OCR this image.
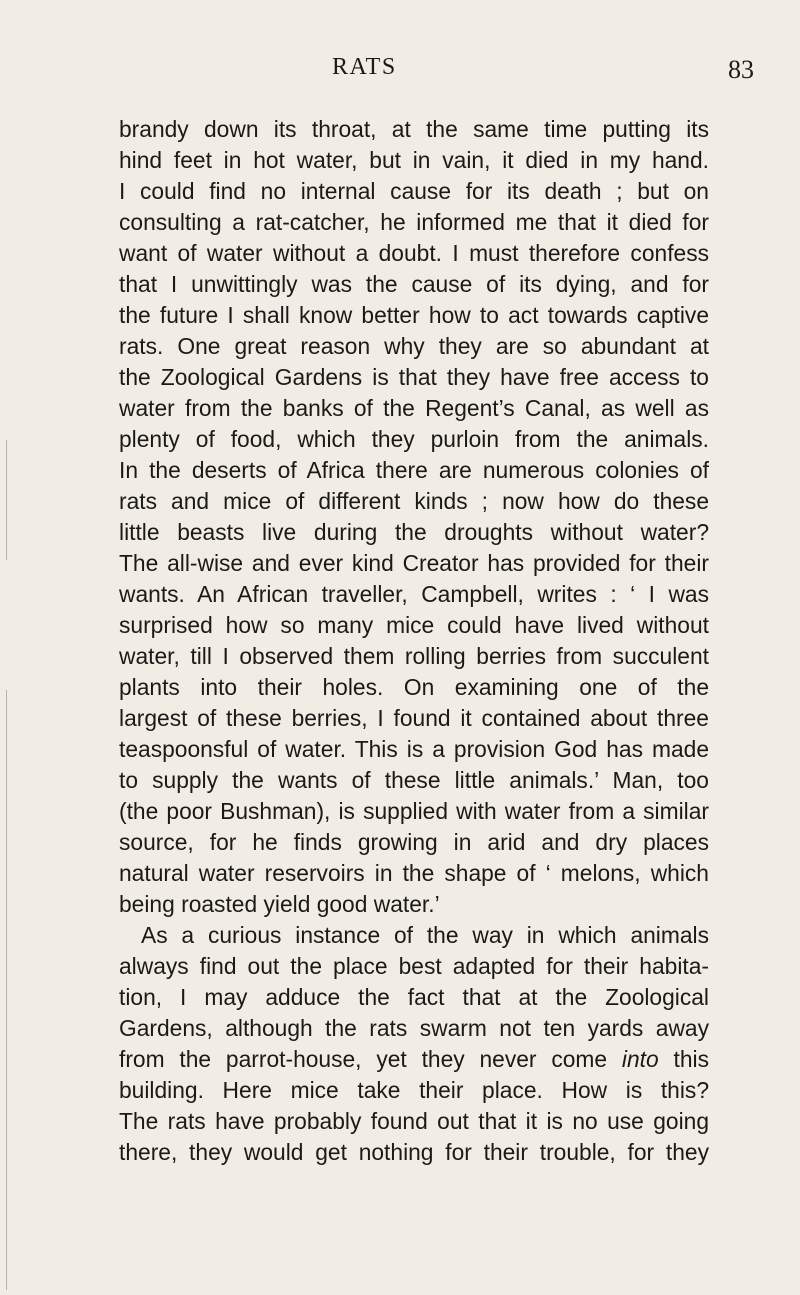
RATS	83
brandy down its throat, at the same time putting its
hind feet in hot water, but in vain, it died in my hand.
I could find no internal cause for its death ; but on
consulting a rat-catcher, he informed me that it died for
want of water without a doubt. I must therefore confess
that I unwittingly was the cause of its dying, and for
the future I shall know better how to act towards captive
rats. One great reason why they are so abundant at
the Zoological Gardens is that they have free access to
water from the banks of the Regent’s Canal, as well as
plenty of food, which they purloin from the animals.
In the deserts of Africa there are numerous colonies of
rats and mice of different kinds ; now how do these
little beasts live during the droughts without water?
The all-wise and ever kind Creator has provided for their
wants. An African traveller, Campbell, writes : ‘ I was
surprised how so many mice could have lived without
water, till I observed them rolling berries from succulent
plants into their holes. On examining one of the
largest of these berries, I found it contained about three
teaspoonsful of water. This is a provision God has made
to supply the wants of these little animals.’ Man, too
(the poor Bushman), is supplied with water from a similar
source, for he finds growing in arid and dry places
natural water reservoirs in the shape of ‘ melons, which
being roasted yield good water.’
As a curious instance of the way in which animals
always find out the place best adapted for their habita-
tion, I may adduce the fact that at the Zoological
Gardens, although the rats swarm not ten yards away
from the parrot-house, yet they never come into this
building. Here mice take their place. How is this?
The rats have probably found out that it is no use going
there, they would get nothing for their trouble, for they
